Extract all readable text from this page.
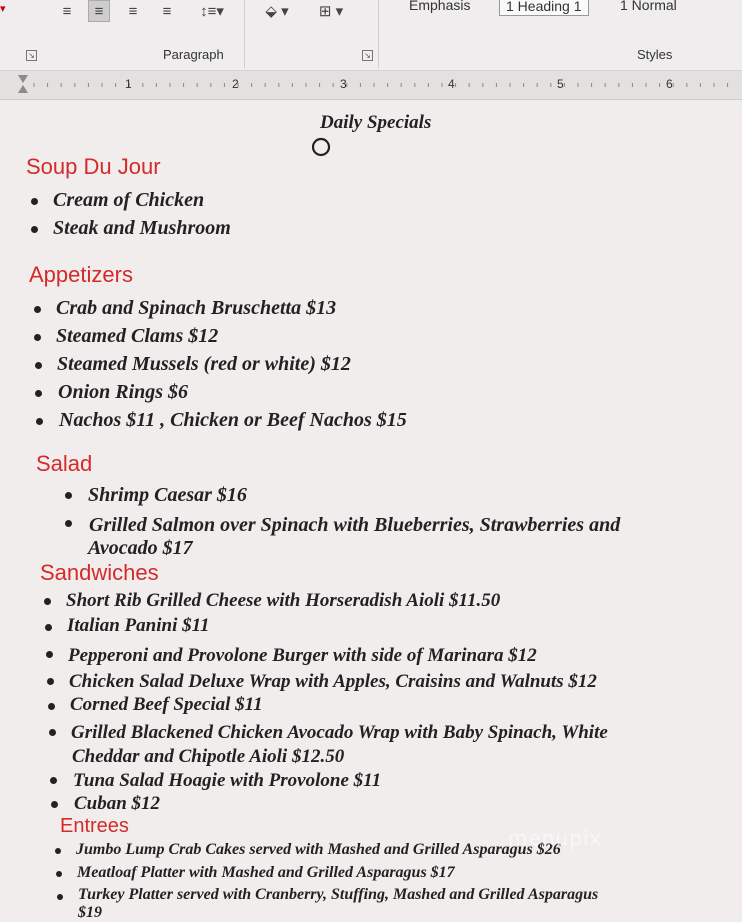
▾	≡	≡	≡	≡	↕≡▾	⬙ ▾	⊞ ▾	Emphasis	1 Heading 1	1 Normal
↘	Paragraph	↘	Styles
1	2	3	4	5	6
Daily Specials
Soup Du Jour
Cream of Chicken
Steak and Mushroom
Appetizers
Crab and Spinach Bruschetta $13
Steamed Clams $12
Steamed Mussels (red or white) $12
Onion Rings $6
Nachos $11 , Chicken or Beef Nachos $15
Salad
Shrimp Caesar $16
Grilled Salmon over Spinach with Blueberries, Strawberries and
Avocado $17
Sandwiches
Short Rib Grilled Cheese with Horseradish Aioli $11.50
Italian Panini $11
Pepperoni and Provolone Burger with side of Marinara $12
Chicken Salad Deluxe Wrap with Apples, Craisins and Walnuts $12
Corned Beef Special $11
Grilled Blackened Chicken Avocado Wrap with Baby Spinach, White
Cheddar and Chipotle Aioli $12.50
Tuna Salad Hoagie with Provolone $11
Cuban $12
Entrees
Jumbo Lump Crab Cakes served with Mashed and Grilled Asparagus $26
Meatloaf Platter with Mashed and Grilled Asparagus $17
Turkey Platter served with Cranberry, Stuffing, Mashed and Grilled Asparagus
$19
menupix
